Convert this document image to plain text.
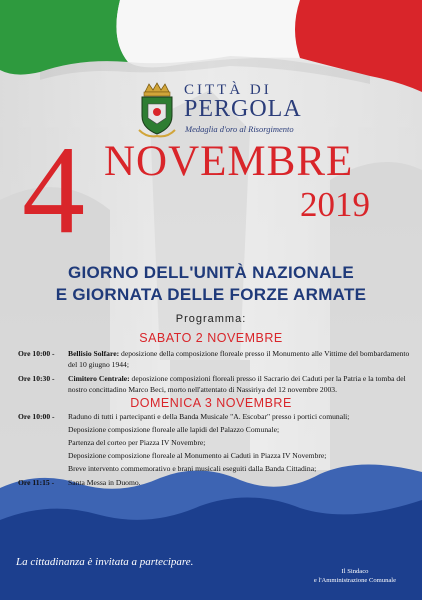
CITTÀ DI
PERGOLA
Medaglia d'oro al Risorgimento
4 NOVEMBRE
2019
GIORNO DELL'UNITÀ NAZIONALE
E GIORNATA DELLE FORZE ARMATE
Programma:
SABATO 2 NOVEMBRE
Ore 10:00 - Bellisio Solfare: deposizione della composizione floreale presso il Monumento alle Vittime del bombardamento del 10 giugno 1944;
Ore 10:30 - Cimitero Centrale: deposizione composizioni floreali presso il Sacrario dei Caduti per la Patria e la tomba del nostro concittadino Marco Beci, morto nell'attentato di Nassiriya del 12 novembre 2003.
DOMENICA 3 NOVEMBRE
Ore 10:00 - Raduno di tutti i partecipanti e della Banda Musicale "A. Escobar" presso i portici comunali;
Deposizione composizione floreale alle lapidi del Palazzo Comunale;
Partenza del corteo per Piazza IV Novembre;
Deposizione composizione floreale al Monumento ai Caduti in Piazza IV Novembre;
Breve intervento commemorativo e brani musicali eseguiti dalla Banda Cittadina;
Ore 11:15 - Santa Messa in Duomo.
La cittadinanza è invitata a partecipare.
Il Sindaco
e l'Amministrazione Comunale
